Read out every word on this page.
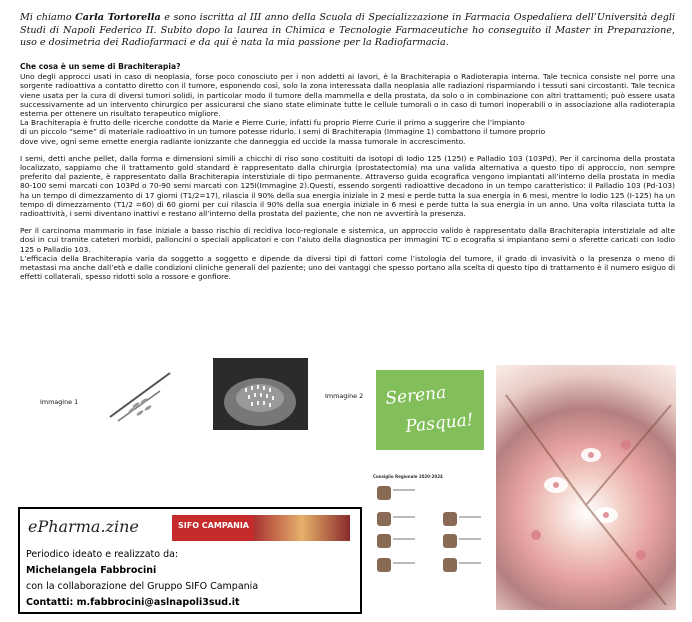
Mi chiamo Carla Tortorella e sono iscritta al III anno della Scuola di Specializzazione in Farmacia Ospedaliera dell’Università degli Studi di Napoli Federico II. Subito dopo la laurea in Chimica e Tecnologie Farmaceutiche ho conseguito il Master in Preparazione, uso e dosimetria dei Radiofarmaci e da qui è nata la mia passione per la Radiofarmacia.

Che cosa è un seme di Brachiterapia?

Uno degli approcci usati in caso di neoplasia, forse poco conosciuto per i non addetti ai lavori, è la Brachiterapia o Radioterapia interna. Tale tecnica consiste nel porre una sorgente radioattiva a contatto diretto con il tumore, esponendo così, solo la zona interessata dalla neoplasia alle radiazioni risparmiando i tessuti sani circostanti. Tale tecnica viene usata per la cura di diversi tumori solidi, in particolar modo il tumore della mammella e della prostata, da solo o in combinazione con altri trattamenti; può essere usata successivamente ad un intervento chirurgico per assicurarsi che siano state eliminate tutte le cellule tumorali o in caso di tumori inoperabili o in associazione alla radioterapia esterna per ottenere un risultato terapeutico migliore.

La Brachiterapia è frutto delle ricerche condotte da Marie e Pierre Curie, infatti fu proprio Pierre Curie il primo a suggerire che l’impianto

di un piccolo “seme” di materiale radioattivo in un tumore potesse ridurlo. I semi di Brachiterapia (Immagine 1) combattono il tumore proprio

dove vive, ogni seme emette energia radiante ionizzante che danneggia ed uccide la massa tumorale in accrescimento.

I semi, detti anche pellet, dalla forma e dimensioni simili a chicchi di riso sono costituiti da isotopi di Iodio 125 (125I) e Palladio 103 (103Pd). Per il carcinoma della prostata localizzato, sappiamo che il trattamento gold standard è rappresentato dalla chirurgia (prostatectomia) ma una valida alternativa a questo tipo di approccio, non sempre preferito dal paziente, è rappresentato dalla Brachiterapia interstiziale di tipo permanente. Attraverso guida ecografica vengono impiantati all’interno della prostata in media 80-100 semi marcati con 103Pd o 70-90 semi marcati con 125I(Immagine 2).Questi, essendo sorgenti radioattive decadono in un tempo caratteristico: il Palladio 103 (Pd-103) ha un tempo di dimezzamento di 17 giorni (T1/2=17), rilascia il 90% della sua energia iniziale in 2 mesi e perde tutta la sua energia in 6 mesi, mentre lo Iodio 125 (I-125) ha un tempo di dimezzamento (T1/2 =60) di 60 giorni per cui rilascia il 90% della sua energia iniziale in 6 mesi e perde tutta la sua energia in un anno. Una volta rilasciata tutta la radioattività, i semi diventano inattivi e restano all’interno della prostata del paziente, che non ne avvertirà la presenza.

Per il carcinoma mammario in fase iniziale a basso rischio di recidiva loco-regionale e sistemica, un approccio valido è rappresentato dalla Brachiterapia interstiziale ad alte dosi in cui tramite cateteri morbidi, palloncini o speciali applicatori e con l’aiuto della diagnostica per immagini TC o ecografia si impiantano semi o sferette caricati con Iodio 125 o Palladio 103.

L’efficacia della Brachiterapia varia da soggetto a soggetto e dipende da diversi tipi di fattori come l’istologia del tumore, il grado di invasività o la presenza o meno di metastasi ma anche dall’età e dalle condizioni cliniche generali del paziente; uno dei vantaggi che spesso portano alla scelta di questo tipo di trattamento è il numero esiguo di effetti collaterali, spesso ridotti solo a rossore e gonfiore.

Immagine 1
Immagine 2 Serena
Pasqua!
Consiglio Regionale 2020-2024
ePharma.zine	SIFO CAMPANIA
Periodico ideato e realizzato da:
Michelangela Fabbrocini
con la collaborazione del Gruppo SIFO Campania
Contatti: m.fabbrocini@aslnapoli3sud.it
